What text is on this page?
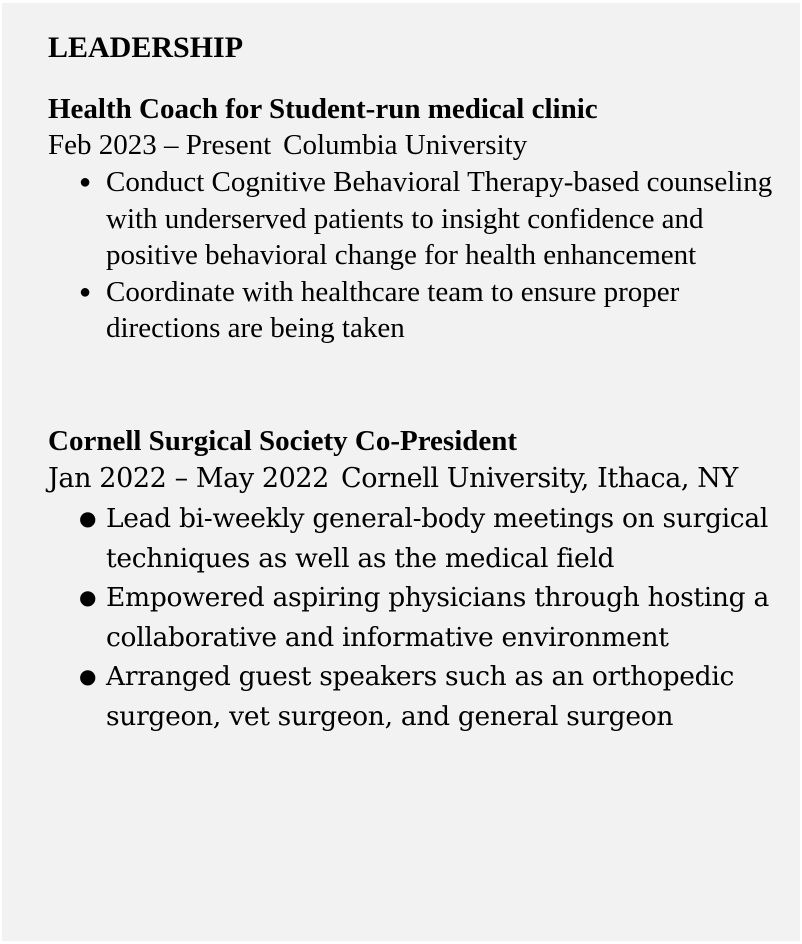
LEADERSHIP
Health Coach for Student-run medical clinic
Feb 2023 – Present Columbia University
● Conduct Cognitive Behavioral Therapy-based counseling with underserved patients to insight confidence and positive behavioral change for health enhancement
● Coordinate with healthcare team to ensure proper directions are being taken
Cornell Surgical Society Co-President
Jan 2022 – May 2022 Cornell University, Ithaca, NY
● Lead bi-weekly general-body meetings on surgical techniques as well as the medical field
● Empowered aspiring physicians through hosting a collaborative and informative environment
● Arranged guest speakers such as an orthopedic surgeon, vet surgeon, and general surgeon
